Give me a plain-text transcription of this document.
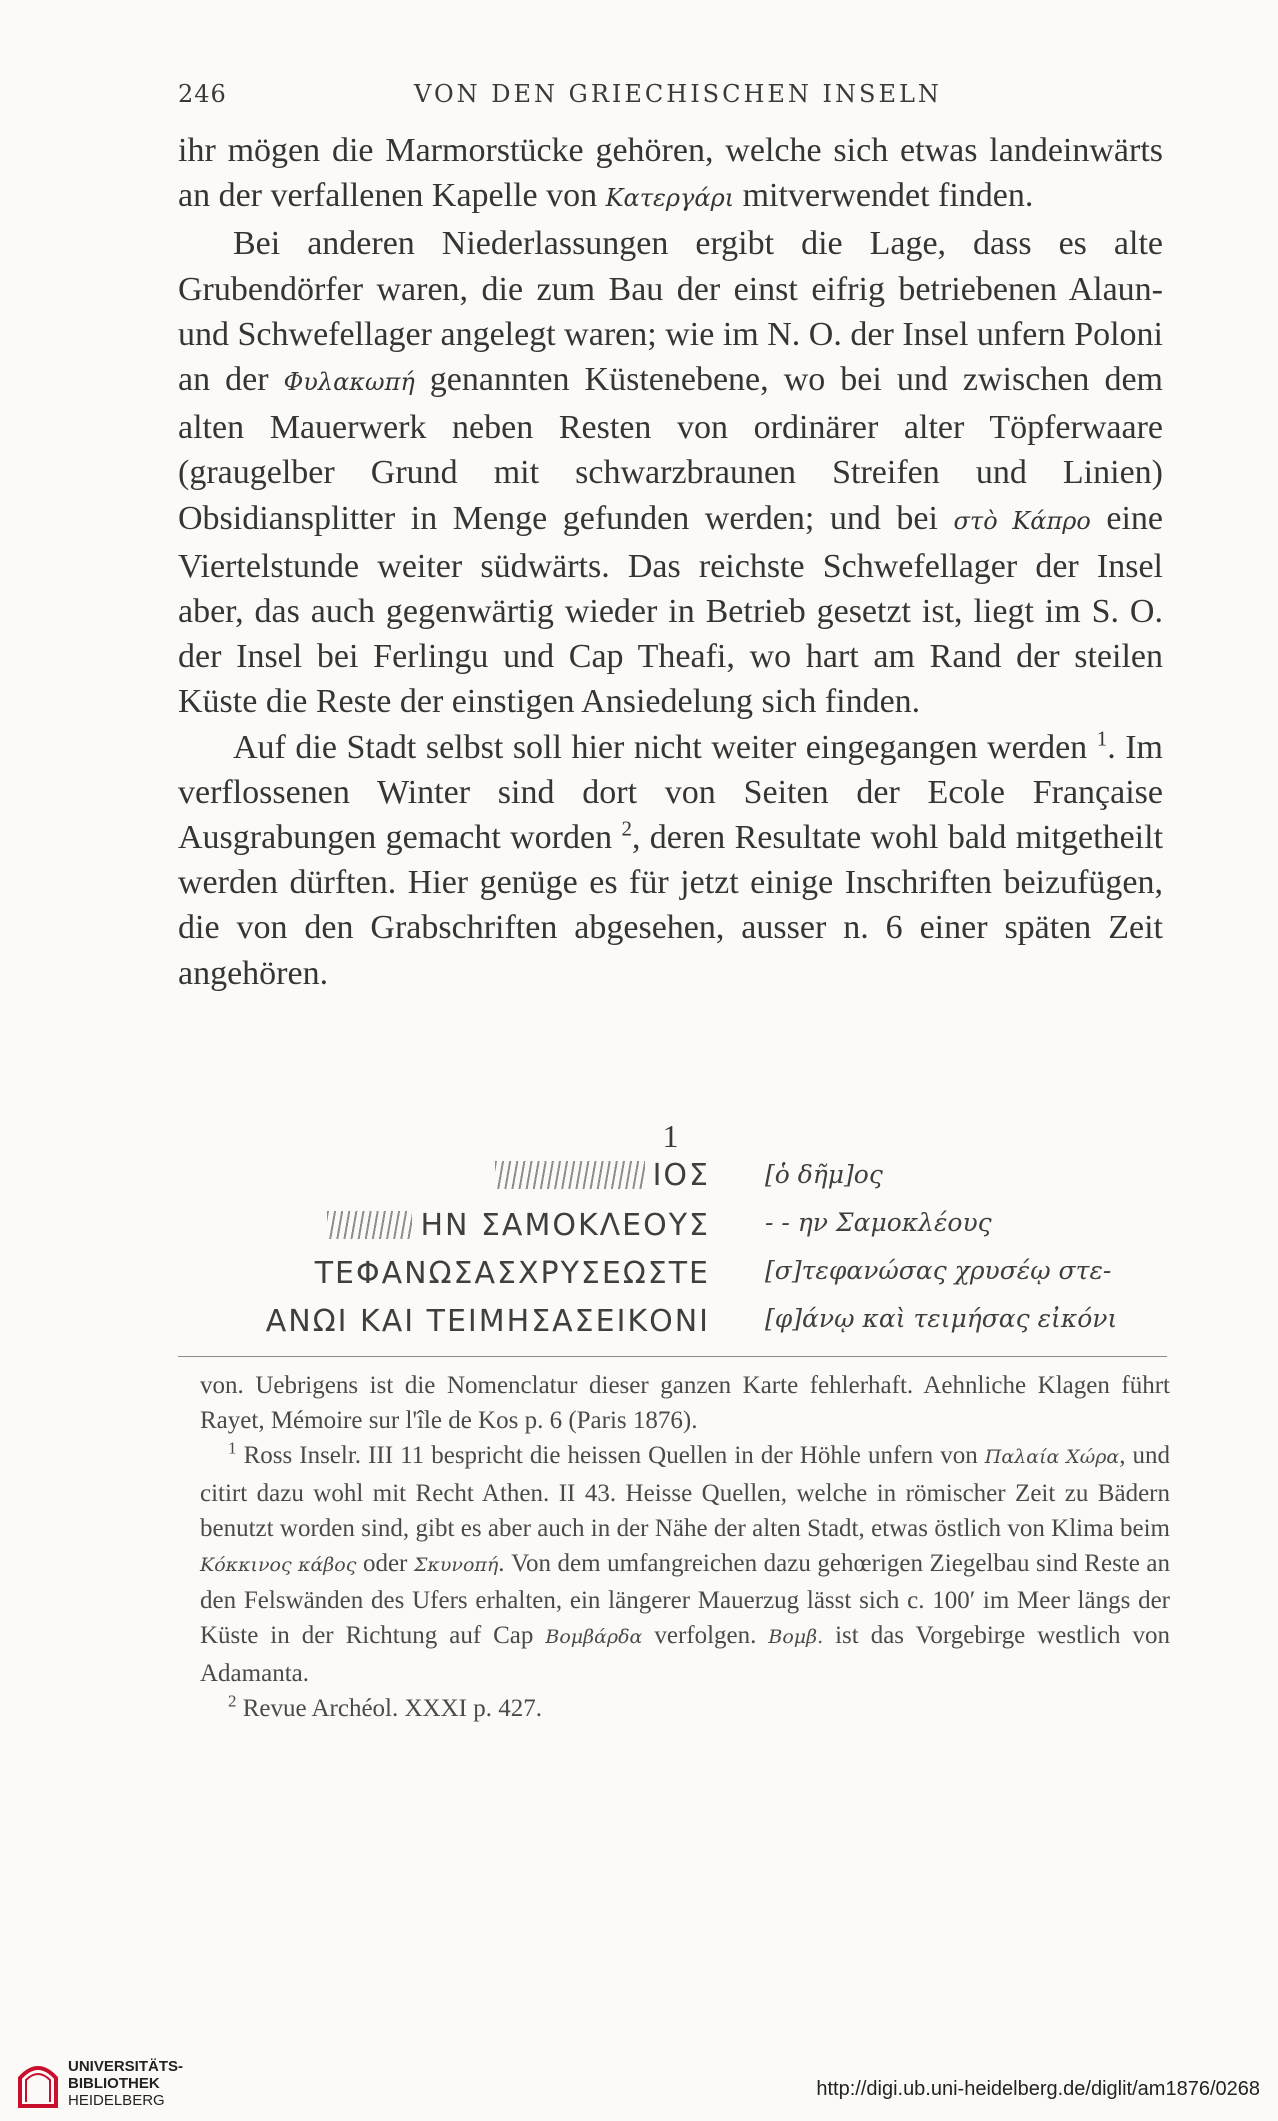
246	VON DEN GRIECHISCHEN INSELN

ihr mögen die Marmorstücke gehören, welche sich etwas landeinwärts an der verfallenen Kapelle von Κατεργάρι mitverwendet finden.

Bei anderen Niederlassungen ergibt die Lage, dass es alte Grubendörfer waren, die zum Bau der einst eifrig betriebenen Alaun- und Schwefellager angelegt waren; wie im N. O. der Insel unfern Poloni an der Φυλακωπή genannten Küstenebene, wo bei und zwischen dem alten Mauerwerk neben Resten von ordinärer alter Töpferwaare (graugelber Grund mit schwarzbraunen Streifen und Linien) Obsidiansplitter in Menge gefunden werden; und bei στὸ Κάπρο eine Viertelstunde weiter südwärts. Das reichste Schwefellager der Insel aber, das auch gegenwärtig wieder in Betrieb gesetzt ist, liegt im S. O. der Insel bei Ferlingu und Cap Theafi, wo hart am Rand der steilen Küste die Reste der einstigen Ansiedelung sich finden.

Auf die Stadt selbst soll hier nicht weiter eingegangen werden $^1$. Im verflossenen Winter sind dort von Seiten der Ecole Française Ausgrabungen gemacht worden $^2$, deren Resultate wohl bald mitgetheilt werden dürften. Hier genüge es für jetzt einige Inschriften beizufügen, die von den Grabschriften abgesehen, ausser n. 6 einer späten Zeit angehören.

1
ΙΟΣ
ΗΝ ΣΑΜΟΚΛΕΟΥΣ
ΤΕΦΑΝΩΣΑΣΧΡΥΣΕΩΣΤΕ
ΑΝΩΙ ΚΑΙ ΤΕΙΜΗΣΑΣΕΙΚΟΝΙ
[ὁ δῆμ]ος
- - ην Σαμοκλέους
[σ]τεφανώσας χρυσέῳ στε-
[φ]άνῳ καὶ τειμήσας εἰκόνι

von. Uebrigens ist die Nomenclatur dieser ganzen Karte fehlerhaft. Aehnliche Klagen führt Rayet, Mémoire sur l'île de Kos p. 6 (Paris 1876).

$^1$ Ross Inselr. III 11 bespricht die heissen Quellen in der Höhle unfern von Παλαία Χώρα, und citirt dazu wohl mit Recht Athen. II 43. Heisse Quellen, welche in römischer Zeit zu Bädern benutzt worden sind, gibt es aber auch in der Nähe der alten Stadt, etwas östlich von Klima beim Κόκκινος κάβος oder Σκυνοπή. Von dem umfangreichen dazu gehœrigen Ziegelbau sind Reste an den Felswänden des Ufers erhalten, ein längerer Mauerzug lässt sich c. 100′ im Meer längs der Küste in der Richtung auf Cap Βομβάρδα verfolgen. Βομβ. ist das Vorgebirge westlich von Adamanta.

$^2$ Revue Archéol. XXXI p. 427.

UNIVERSITÄTS-
BIBLIOTHEK
HEIDELBERG
http://digi.ub.uni-heidelberg.de/diglit/am1876/0268
